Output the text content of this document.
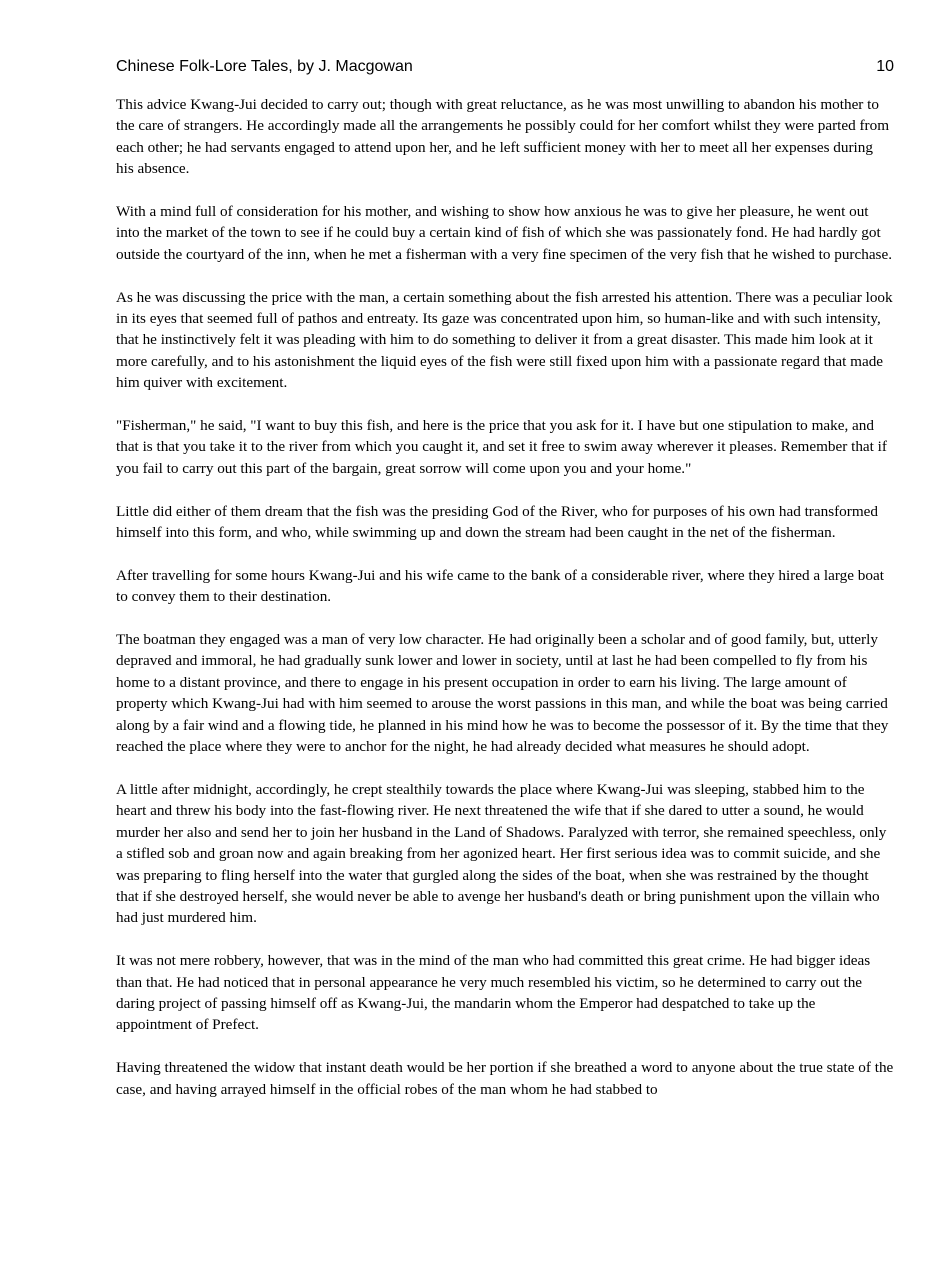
Chinese Folk-Lore Tales, by J. Macgowan	10

This advice Kwang-Jui decided to carry out; though with great reluctance, as he was most unwilling to abandon his mother to the care of strangers. He accordingly made all the arrangements he possibly could for her comfort whilst they were parted from each other; he had servants engaged to attend upon her, and he left sufficient money with her to meet all her expenses during his absence.

With a mind full of consideration for his mother, and wishing to show how anxious he was to give her pleasure, he went out into the market of the town to see if he could buy a certain kind of fish of which she was passionately fond. He had hardly got outside the courtyard of the inn, when he met a fisherman with a very fine specimen of the very fish that he wished to purchase.

As he was discussing the price with the man, a certain something about the fish arrested his attention. There was a peculiar look in its eyes that seemed full of pathos and entreaty. Its gaze was concentrated upon him, so human-like and with such intensity, that he instinctively felt it was pleading with him to do something to deliver it from a great disaster. This made him look at it more carefully, and to his astonishment the liquid eyes of the fish were still fixed upon him with a passionate regard that made him quiver with excitement.

"Fisherman," he said, "I want to buy this fish, and here is the price that you ask for it. I have but one stipulation to make, and that is that you take it to the river from which you caught it, and set it free to swim away wherever it pleases. Remember that if you fail to carry out this part of the bargain, great sorrow will come upon you and your home."

Little did either of them dream that the fish was the presiding God of the River, who for purposes of his own had transformed himself into this form, and who, while swimming up and down the stream had been caught in the net of the fisherman.

After travelling for some hours Kwang-Jui and his wife came to the bank of a considerable river, where they hired a large boat to convey them to their destination.

The boatman they engaged was a man of very low character. He had originally been a scholar and of good family, but, utterly depraved and immoral, he had gradually sunk lower and lower in society, until at last he had been compelled to fly from his home to a distant province, and there to engage in his present occupation in order to earn his living. The large amount of property which Kwang-Jui had with him seemed to arouse the worst passions in this man, and while the boat was being carried along by a fair wind and a flowing tide, he planned in his mind how he was to become the possessor of it. By the time that they reached the place where they were to anchor for the night, he had already decided what measures he should adopt.

A little after midnight, accordingly, he crept stealthily towards the place where Kwang-Jui was sleeping, stabbed him to the heart and threw his body into the fast-flowing river. He next threatened the wife that if she dared to utter a sound, he would murder her also and send her to join her husband in the Land of Shadows. Paralyzed with terror, she remained speechless, only a stifled sob and groan now and again breaking from her agonized heart. Her first serious idea was to commit suicide, and she was preparing to fling herself into the water that gurgled along the sides of the boat, when she was restrained by the thought that if she destroyed herself, she would never be able to avenge her husband's death or bring punishment upon the villain who had just murdered him.

It was not mere robbery, however, that was in the mind of the man who had committed this great crime. He had bigger ideas than that. He had noticed that in personal appearance he very much resembled his victim, so he determined to carry out the daring project of passing himself off as Kwang-Jui, the mandarin whom the Emperor had despatched to take up the appointment of Prefect.

Having threatened the widow that instant death would be her portion if she breathed a word to anyone about the true state of the case, and having arrayed himself in the official robes of the man whom he had stabbed to
